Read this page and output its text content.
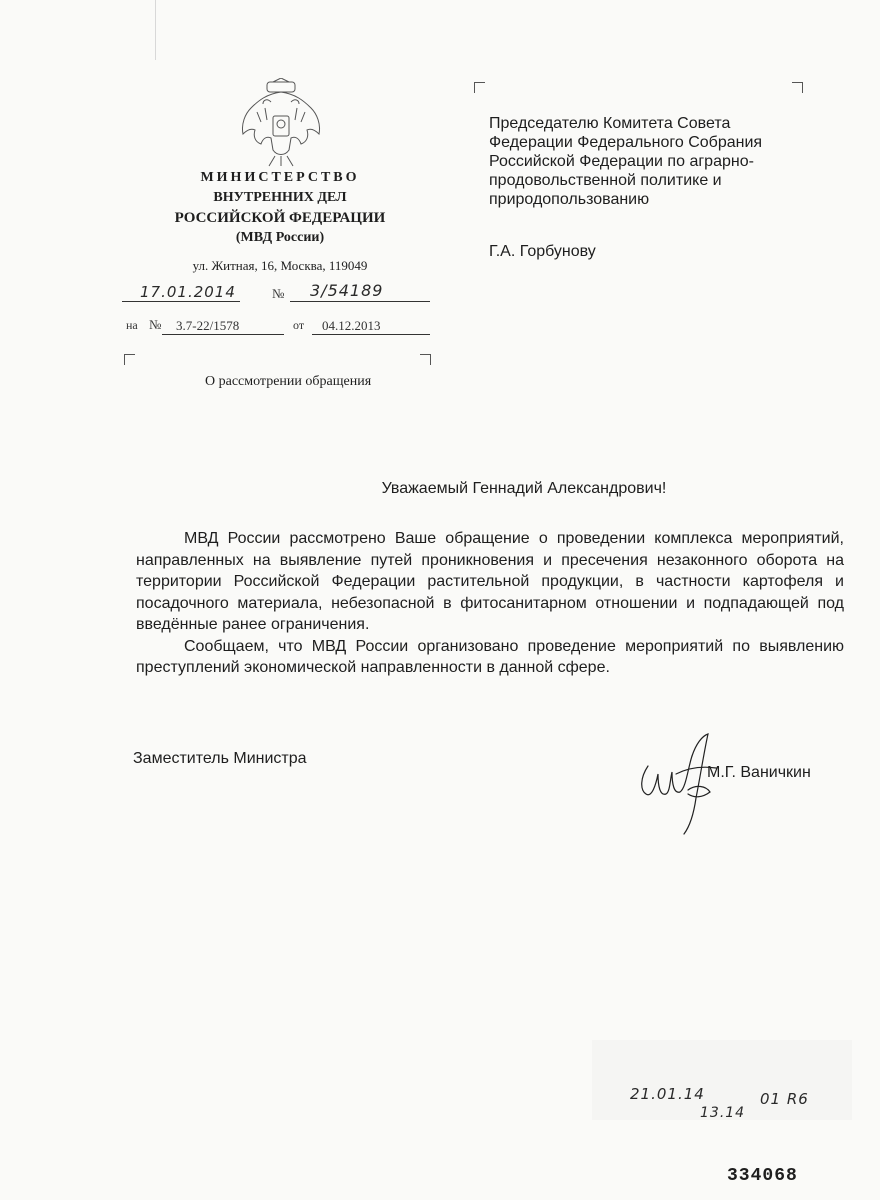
МИНИСТЕРСТВО
ВНУТРЕННИХ ДЕЛ
РОССИЙСКОЙ ФЕДЕРАЦИИ
(МВД России)
ул. Житная, 16, Москва, 119049
17.01.2014	№ 3/54189
на № 3.7-22/1578	от 04.12.2013
О рассмотрении обращения
Председателю Комитета Совета
Федерации Федерального Собрания
Российской Федерации по аграрно-
продовольственной политике и
природопользованию
Г.А. Горбунову
Уважаемый Геннадий Александрович!

МВД России рассмотрено Ваше обращение о проведении комплекса мероприятий, направленных на выявление путей проникновения и пресечения незаконного оборота на территории Российской Федерации растительной продукции, в частности картофеля и посадочного материала, небезопасной в фитосанитарном отношении и подпадающей под введённые ранее ограничения.

Сообщаем, что МВД России организовано проведение мероприятий по выявлению преступлений экономической направленности в данной сфере.

Заместитель Министра
М.Г. Ваничкин
21.01.14	01 R6
13.14
334068
